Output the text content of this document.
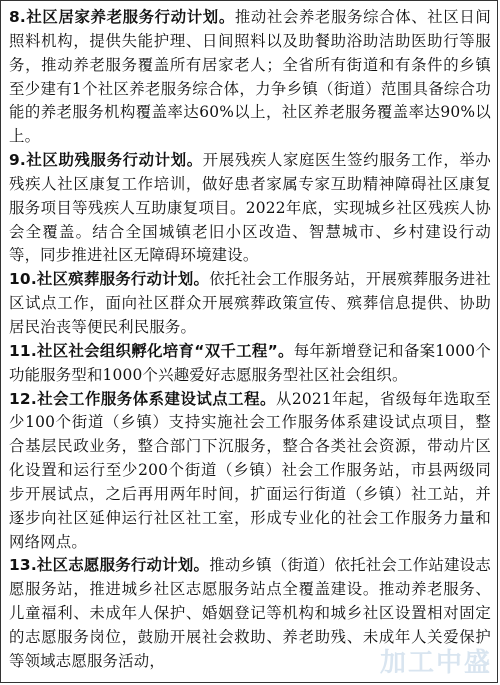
8.社区居家养老服务行动计划。推动社会养老服务综合体、社区日间照料机构，提供失能护理、日间照料以及助餐助浴助洁助医助行等服务，推动养老服务覆盖所有居家老人；全省所有街道和有条件的乡镇至少建有1个社区养老服务综合体，力争乡镇（街道）范围具备综合功能的养老服务机构覆盖率达60%以上，社区养老服务覆盖率达90%以上。

9.社区助残服务行动计划。开展残疾人家庭医生签约服务工作，举办残疾人社区康复工作培训，做好患者家属专家互助精神障碍社区康复服务项目等残疾人互助康复项目。2022年底，实现城乡社区残疾人协会全覆盖。结合全国城镇老旧小区改造、智慧城市、乡村建设行动等，同步推进社区无障碍环境建设。

10.社区殡葬服务行动计划。依托社会工作服务站，开展殡葬服务进社区试点工作，面向社区群众开展殡葬政策宣传、殡葬信息提供、协助居民治丧等便民利民服务。

11.社区社会组织孵化培育“双千工程”。每年新增登记和备案1000个功能服务型和1000个兴趣爱好志愿服务型社区社会组织。

12.社会工作服务体系建设试点工程。从2021年起，省级每年选取至少100个街道（乡镇）支持实施社会工作服务体系建设试点项目，整合基层民政业务，整合部门下沉服务，整合各类社会资源，带动片区化设置和运行至少200个街道（乡镇）社会工作服务站，市县两级同步开展试点，之后再用两年时间，扩面运行街道（乡镇）社工站，并逐步向社区延伸运行社区社工室，形成专业化的社会工作服务力量和网络网点。

13.社区志愿服务行动计划。推动乡镇（街道）依托社会工作站建设志愿服务站，推进城乡社区志愿服务站点全覆盖建设。推动养老服务、儿童福利、未成年人保护、婚姻登记等机构和城乡社区设置相对固定的志愿服务岗位，鼓励开展社会救助、养老助残、未成年人关爱保护等领域志愿服务活动，	加工中盛
